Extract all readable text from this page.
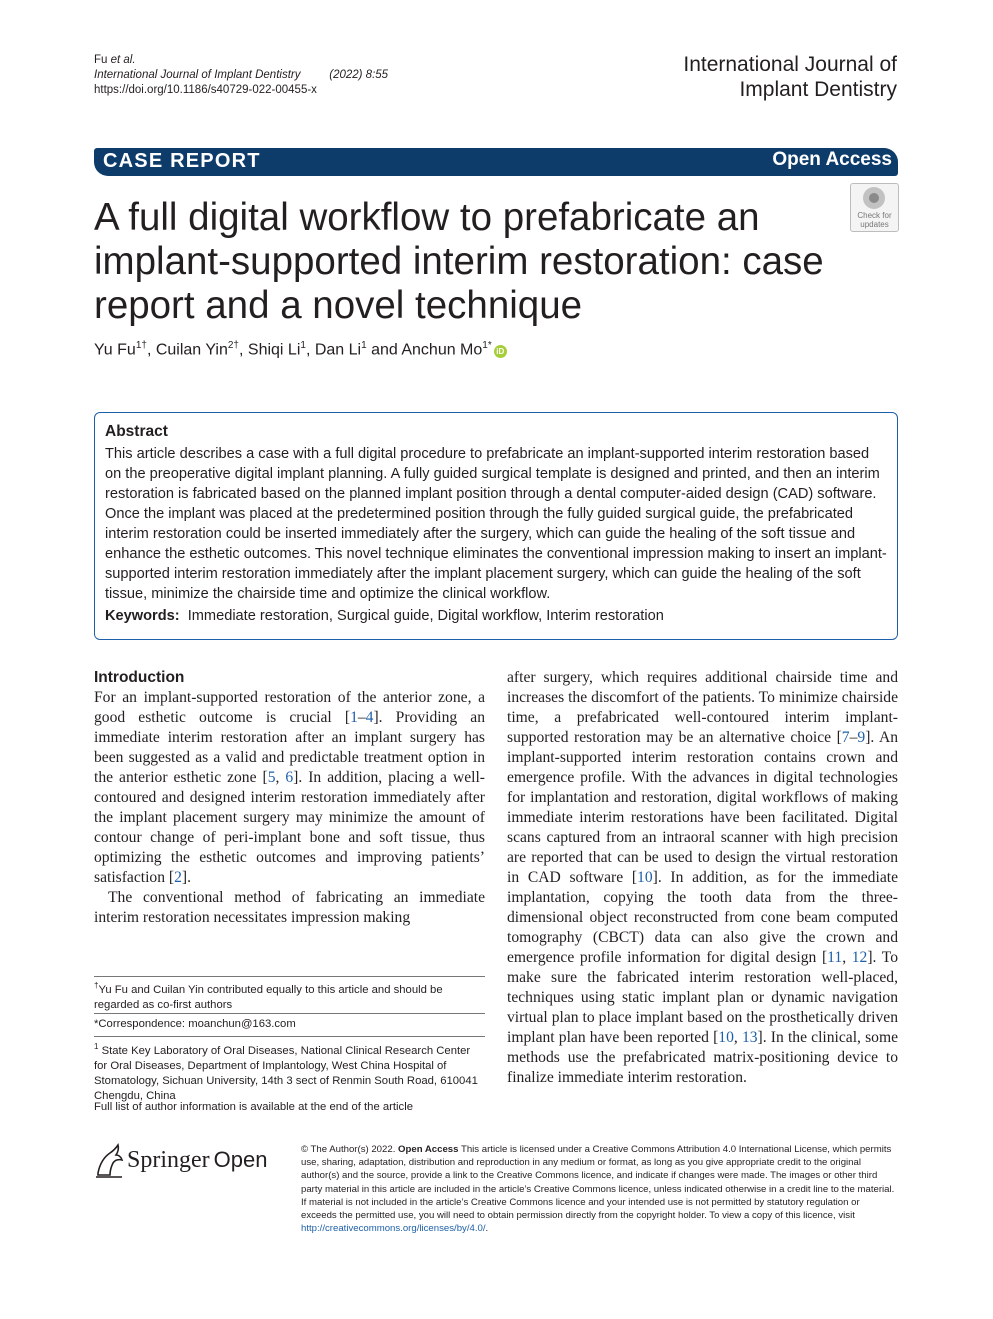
Fu et al.
International Journal of Implant Dentistry	(2022) 8:55
https://doi.org/10.1186/s40729-022-00455-x
International Journal of
Implant Dentistry
CASE REPORT	Open Access
A full digital workflow to prefabricate an implant-supported interim restoration: case report and a novel technique
Check for
updates
Yu $Fu^{1\dagger}$, Cuilan Yin$^{2\dagger}$, Shiqi Li$^1$, Dan Li$^1$ and Anchun $Mo^{1*}iD$
Abstract
This article describes a case with a full digital procedure to prefabricate an implant-supported interim restoration based on the preoperative digital implant planning. A fully guided surgical template is designed and printed, and then an interim restoration is fabricated based on the planned implant position through a dental computer-aided design (CAD) software. Once the implant was placed at the predetermined position through the fully guided surgical guide, the prefabricated interim restoration could be inserted immediately after the surgery, which can guide the healing of the soft tissue and enhance the esthetic outcomes. This novel technique eliminates the conventional impression making to insert an implant-supported interim restoration immediately after the implant placement surgery, which can guide the healing of the soft tissue, minimize the chairside time and optimize the clinical workflow.
Keywords: Immediate restoration, Surgical guide, Digital workflow, Interim restoration
Introduction

For an implant-supported restoration of the anterior zone, a good esthetic outcome is crucial [1–4]. Providing an immediate interim restoration after an implant surgery has been suggested as a valid and predictable treatment option in the anterior esthetic zone [5, 6]. In addition, placing a well-contoured and designed interim restoration immediately after the implant placement surgery may minimize the amount of contour change of peri-implant bone and soft tissue, thus optimizing the esthetic outcomes and improving patients’ satisfaction [2].

The conventional method of fabricating an immediate interim restoration necessitates impression making

†Yu Fu and Cuilan Yin contributed equally to this article and should be regarded as co-first authors
*Correspondence: moanchun@163.com
$^1$ State Key Laboratory of Oral Diseases, National Clinical Research Center for Oral Diseases, Department of Implantology, West China Hospital of Stomatology, Sichuan University, 14th 3 sect of Renmin South Road, 610041 Chengdu, China
Full list of author information is available at the end of the article

after surgery, which requires additional chairside time and increases the discomfort of the patients. To minimize chairside time, a prefabricated well-contoured interim implant-supported restoration may be an alternative choice [7–9]. An implant-supported interim restoration contains crown and emergence profile. With the advances in digital technologies for implantation and restoration, digital workflows of making immediate interim restorations have been facilitated. Digital scans captured from an intraoral scanner with high precision are reported that can be used to design the virtual restoration in CAD software [10]. In addition, as for the immediate implantation, copying the tooth data from the three-dimensional object reconstructed from cone beam computed tomography (CBCT) data can also give the crown and emergence profile information for digital design [11, 12]. To make sure the fabricated interim restoration well-placed, techniques using static implant plan or dynamic navigation virtual plan to place implant based on the prosthetically driven implant plan have been reported [10, 13]. In the clinical, some methods use the prefabricated matrix-positioning device to finalize immediate interim restoration.

Springer Open	© The Author(s) 2022. Open Access This article is licensed under a Creative Commons Attribution 4.0 International License, which permits use, sharing, adaptation, distribution and reproduction in any medium or format, as long as you give appropriate credit to the original author(s) and the source, provide a link to the Creative Commons licence, and indicate if changes were made. The images or other third party material in this article are included in the article’s Creative Commons licence, unless indicated otherwise in a credit line to the material. If material is not included in the article’s Creative Commons licence and your intended use is not permitted by statutory regulation or exceeds the permitted use, you will need to obtain permission directly from the copyright holder. To view a copy of this licence, visit http://creativecommons.org/licenses/by/4.0/.
